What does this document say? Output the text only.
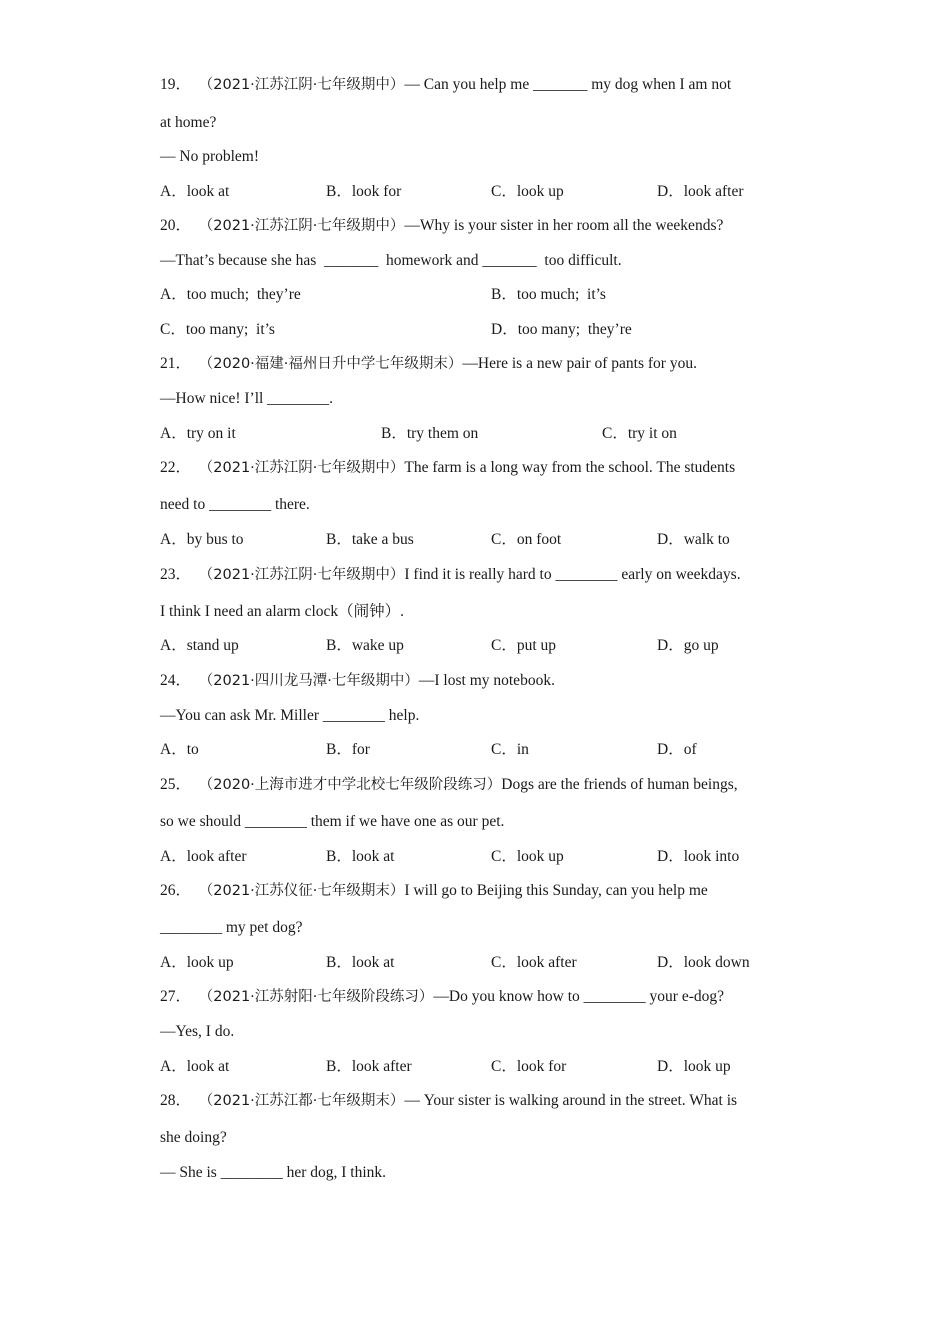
19． （2021·江苏江阴·七年级期中）— Can you help me _______ my dog when I am not
at home?
— No problem!
A．look at	B．look for	C．look up	D．look after
20． （2021·江苏江阴·七年级期中）—Why is your sister in her room all the weekends?
—That’s because she has  _______  homework and _______  too difficult.
A．too much;  they’re	B．too much;  it’s
C．too many;  it’s	D．too many;  they’re
21． （2020·福建·福州日升中学七年级期末）—Here is a new pair of pants for you.
—How nice! I’ll ________.
A．try on it	B．try them on	C．try it on
22． （2021·江苏江阴·七年级期中）The farm is a long way from the school. The students
need to ________ there.
A．by bus to	B．take a bus	C．on foot	D．walk to
23． （2021·江苏江阴·七年级期中）I find it is really hard to ________ early on weekdays.
I think I need an alarm clock（闹钟）.
A．stand up	B．wake up	C．put up	D．go up
24． （2021·四川龙马潭·七年级期中）—I lost my notebook.
—You can ask Mr. Miller ________ help.
A．to	B．for	C．in	D．of
25． （2020·上海市进才中学北校七年级阶段练习）Dogs are the friends of human beings,
so we should ________ them if we have one as our pet.
A．look after	B．look at	C．look up	D．look into
26． （2021·江苏仪征·七年级期末）I will go to Beijing this Sunday, can you help me
________ my pet dog?
A．look up	B．look at	C．look after	D．look down
27． （2021·江苏射阳·七年级阶段练习）—Do you know how to ________ your e-dog?
—Yes, I do.
A．look at	B．look after	C．look for	D．look up
28． （2021·江苏江都·七年级期末）— Your sister is walking around in the street. What is
she doing?
— She is ________ her dog, I think.
